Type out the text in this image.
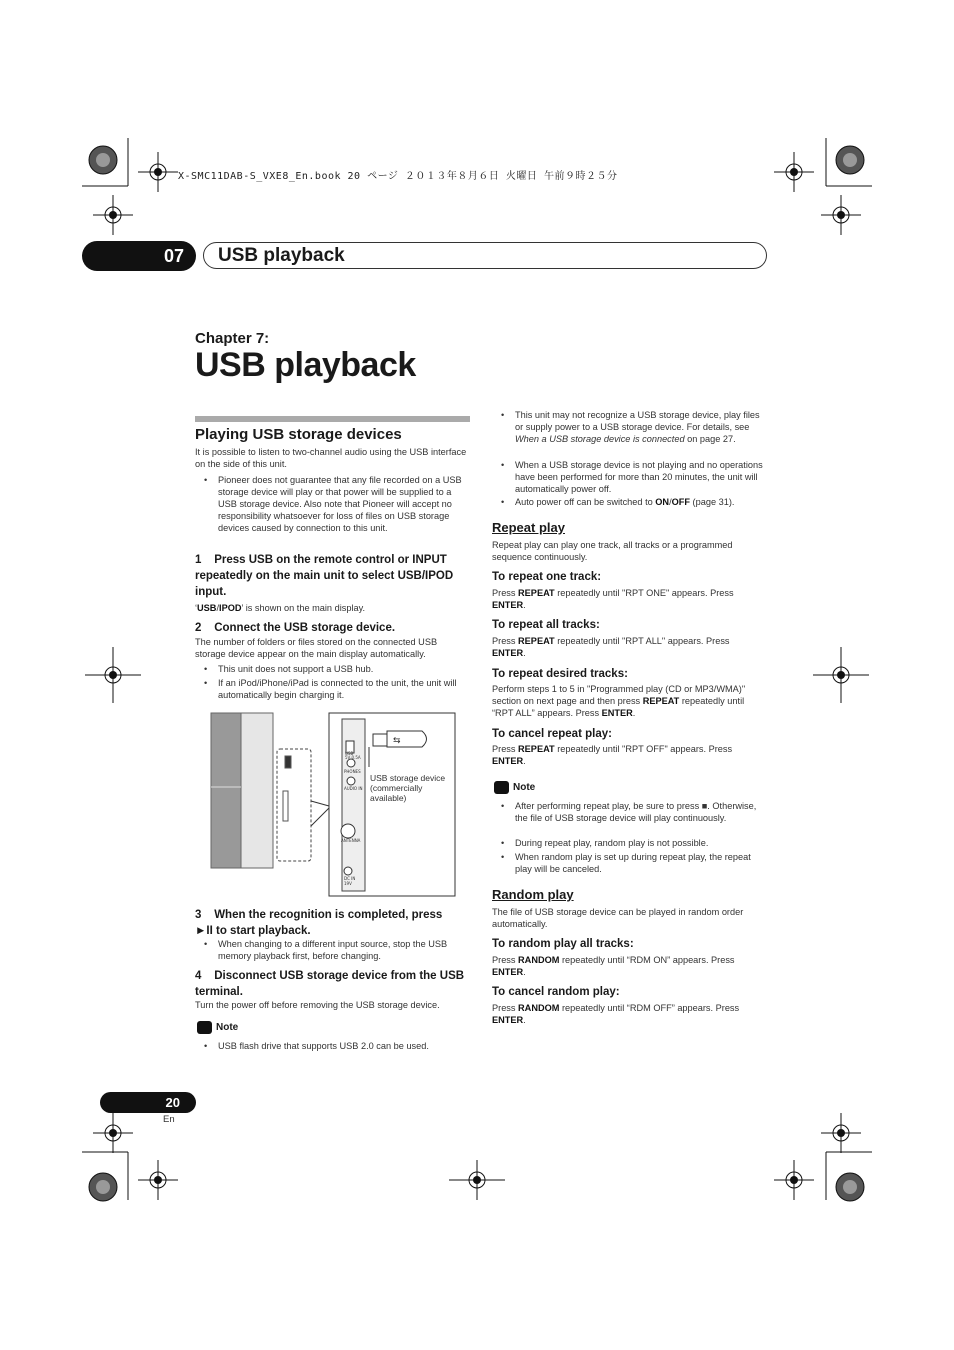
X-SMC11DAB-S_VXE8_En.book 20 ページ ２０１３年８月６日 火曜日 午前９時２５分
07	USB playback
Chapter 7:
USB playback
Playing USB storage devices
It is possible to listen to two-channel audio using the USB interface on the side of this unit.
• Pioneer does not guarantee that any file recorded on a USB storage device will play or that power will be supplied to a USB storage device. Also note that Pioneer will accept no responsibility whatsoever for loss of files on USB storage devices caused by connection to this unit.
1 Press USB on the remote control or INPUT
repeatedly on the main unit to select USB/IPOD
input.
‘USB/IPOD’ is shown on the main display.
2 Connect the USB storage device.
The number of folders or files stored on the connected USB storage device appear on the main display automatically.
• This unit does not support a USB hub.
• If an iPod/iPhone/iPad is connected to the unit, the unit will automatically begin charging it.
⇆
USB
5V 0.5A
PHONES
AUDIO IN
ANTENNA
DC IN
19V
USB storage device
(commercially
available)
3 When the recognition is completed, press
►II to start playback.
• When changing to a different input source, stop the USB memory playback first, before changing.
4 Disconnect USB storage device from the USB
terminal.
Turn the power off before removing the USB storage device.
Note
• USB flash drive that supports USB 2.0 can be used.
• This unit may not recognize a USB storage device, play files or supply power to a USB storage device. For details, see When a USB storage device is connected on page 27.
• When a USB storage device is not playing and no operations have been performed for more than 20 minutes, the unit will automatically power off.
• Auto power off can be switched to ON/OFF (page 31).
Repeat play
Repeat play can play one track, all tracks or a programmed sequence continuously.
To repeat one track:
Press REPEAT repeatedly until "RPT ONE" appears. Press
ENTER.
To repeat all tracks:
Press REPEAT repeatedly until "RPT ALL" appears. Press
ENTER.
To repeat desired tracks:
Perform steps 1 to 5 in "Programmed play (CD or MP3/WMA)"
section on next page and then press REPEAT repeatedly until
“RPT ALL” appears. Press ENTER.
To cancel repeat play:
Press REPEAT repeatedly until "RPT OFF" appears. Press
ENTER.
Note
• After performing repeat play, be sure to press ■. Otherwise, the file of USB storage device will play continuously.
• During repeat play, random play is not possible.
• When random play is set up during repeat play, the repeat play will be canceled.
Random play
The file of USB storage device can be played in random order automatically.
To random play all tracks:
Press RANDOM repeatedly until “RDM ON” appears. Press
ENTER.
To cancel random play:
Press RANDOM repeatedly until “RDM OFF” appears. Press
ENTER.
20
En
